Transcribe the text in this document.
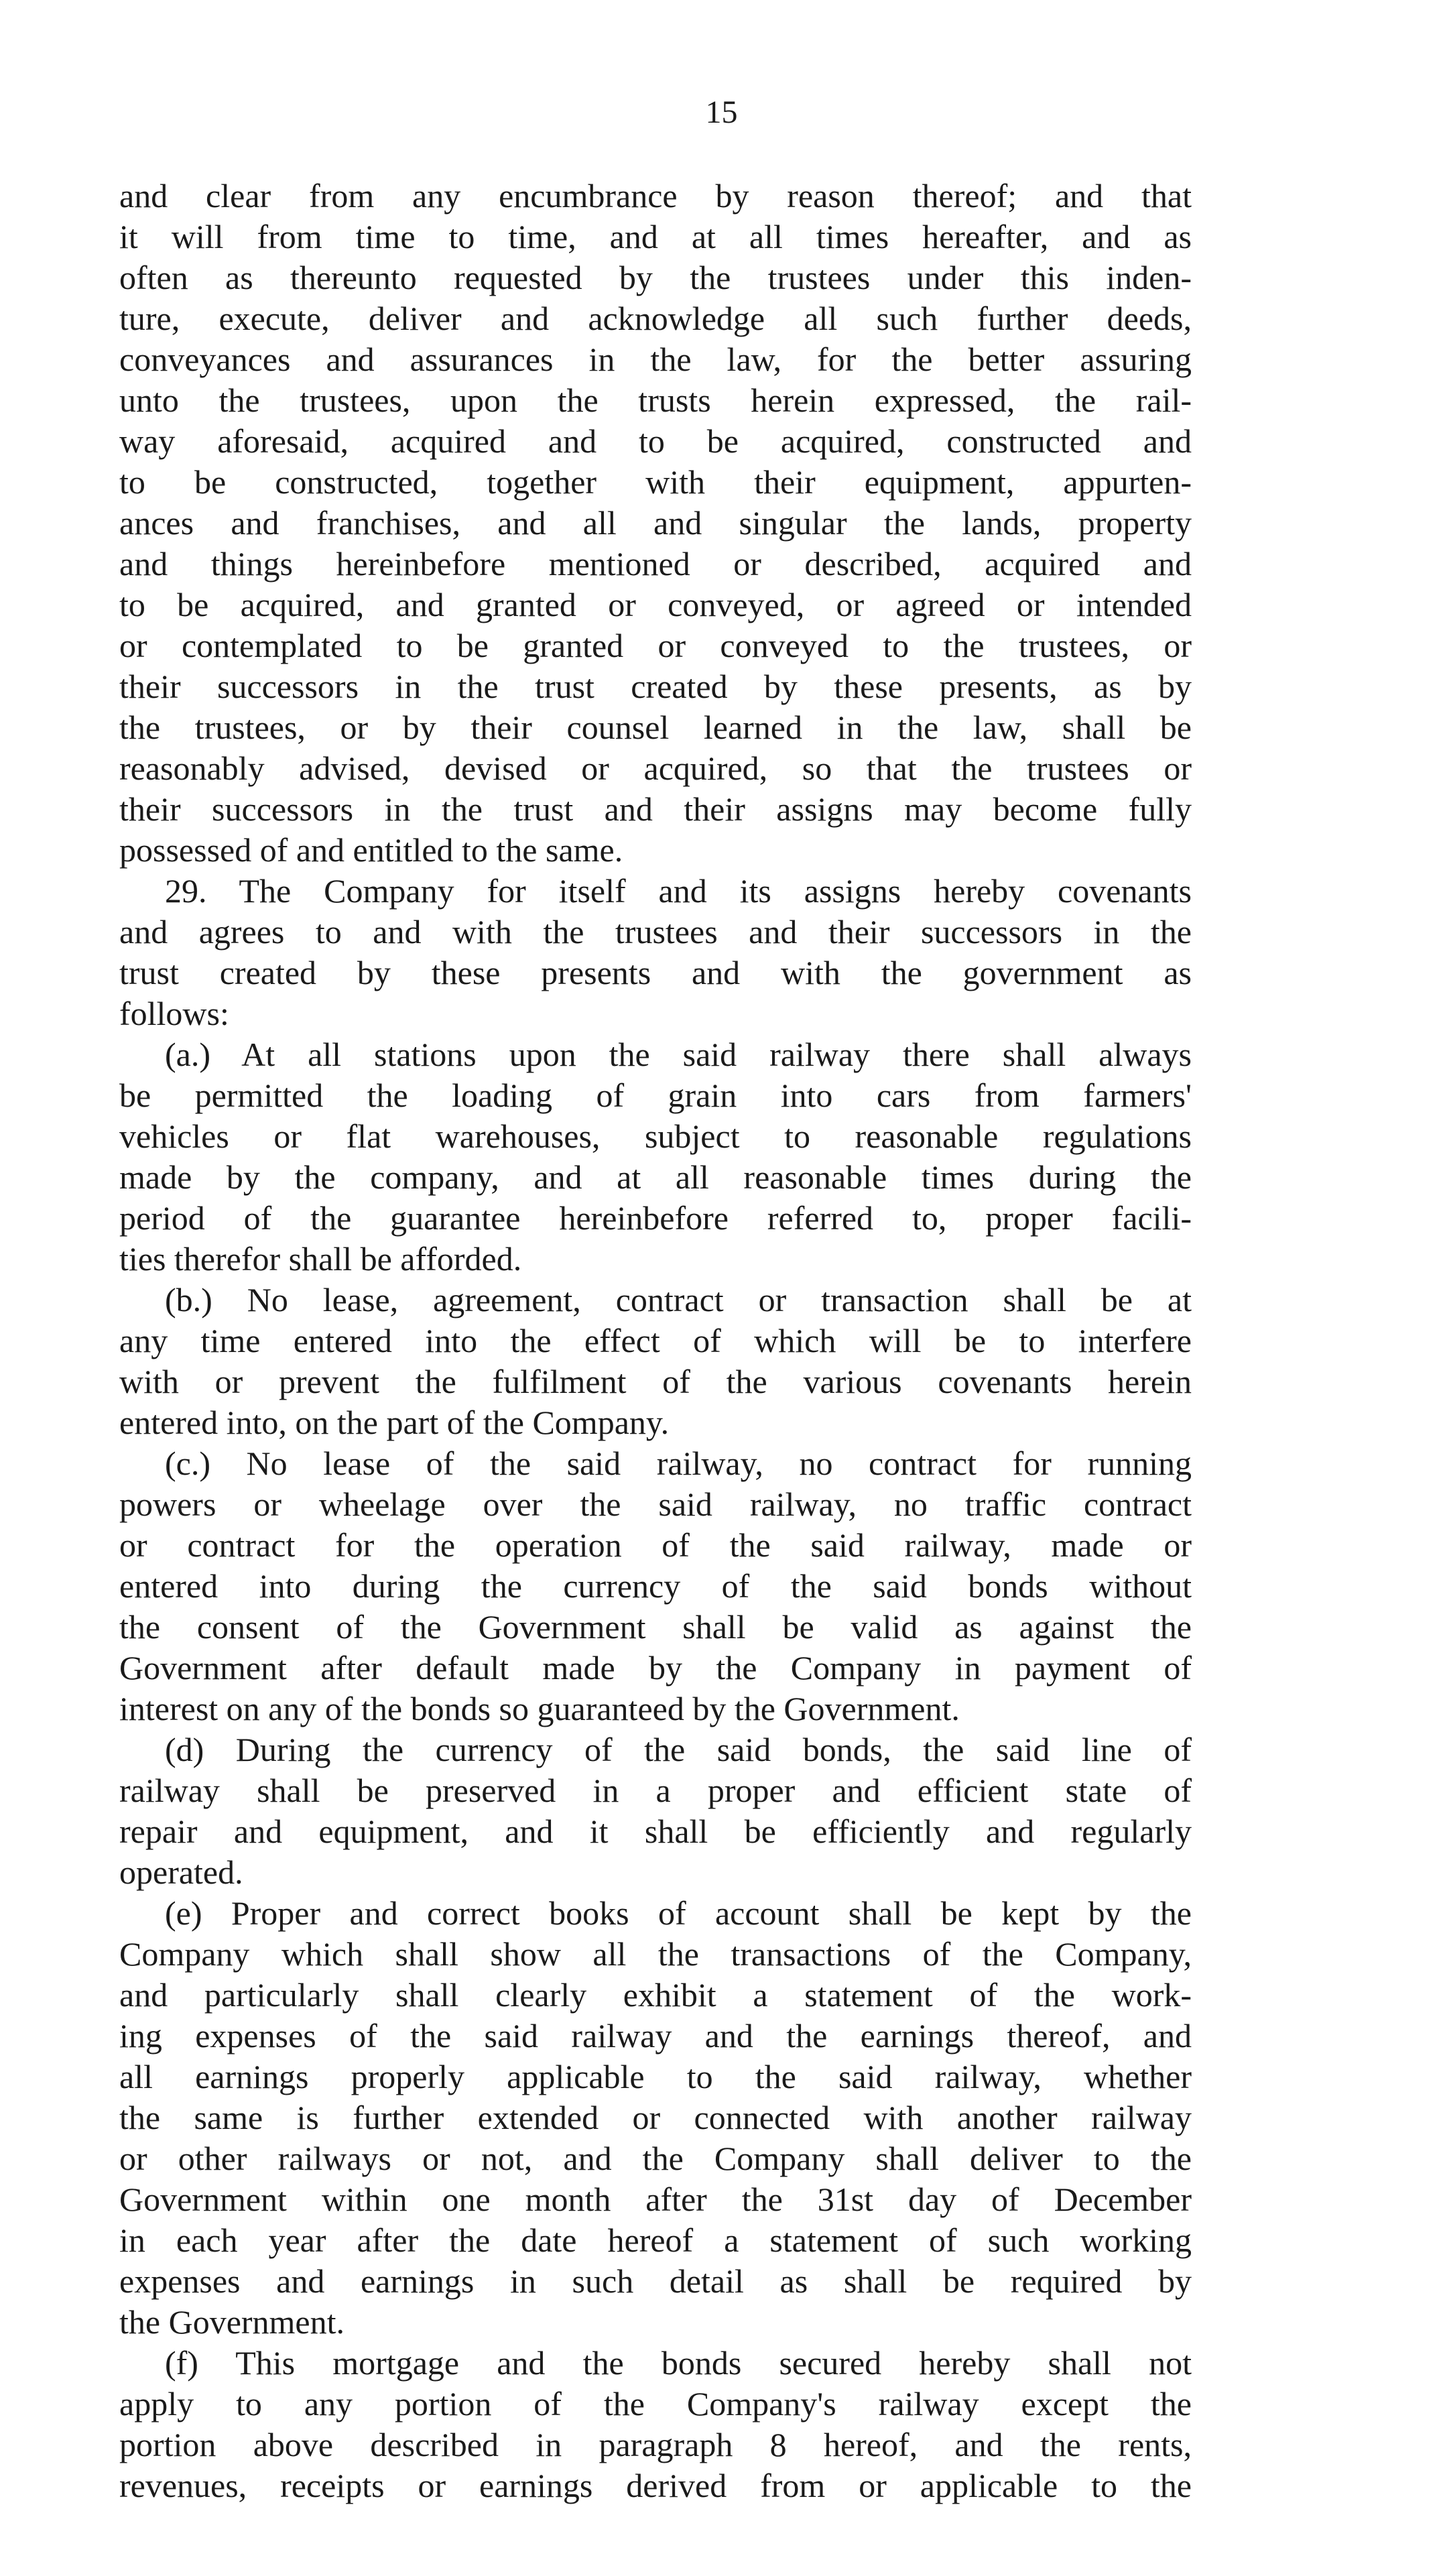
15
and clear from any encumbrance by reason thereof; and that
it will from time to time, and at all times hereafter, and as
often as thereunto requested by the trustees under this inden-
ture, execute, deliver and acknowledge all such further deeds,
conveyances and assurances in the law, for the better assuring
unto the trustees, upon the trusts herein expressed, the rail-
way aforesaid, acquired and to be acquired, constructed and
to be constructed, together with their equipment, appurten-
ances and franchises, and all and singular the lands, property
and things hereinbefore mentioned or described, acquired and
to be acquired, and granted or conveyed, or agreed or intended
or contemplated to be granted or conveyed to the trustees, or
their successors in the trust created by these presents, as by
the trustees, or by their counsel learned in the law, shall be
reasonably advised, devised or acquired, so that the trustees or
their successors in the trust and their assigns may become fully
possessed of and entitled to the same.
29. The Company for itself and its assigns hereby covenants
and agrees to and with the trustees and their successors in the
trust created by these presents and with the government as
follows:
(a.) At all stations upon the said railway there shall always
be permitted the loading of grain into cars from farmers'
vehicles or flat warehouses, subject to reasonable regulations
made by the company, and at all reasonable times during the
period of the guarantee hereinbefore referred to, proper facili-
ties therefor shall be afforded.
(b.) No lease, agreement, contract or transaction shall be at
any time entered into the effect of which will be to interfere
with or prevent the fulfilment of the various covenants herein
entered into, on the part of the Company.
(c.) No lease of the said railway, no contract for running
powers or wheelage over the said railway, no traffic contract
or contract for the operation of the said railway, made or
entered into during the currency of the said bonds without
the consent of the Government shall be valid as against the
Government after default made by the Company in payment of
interest on any of the bonds so guaranteed by the Government.
(d) During the currency of the said bonds, the said line of
railway shall be preserved in a proper and efficient state of
repair and equipment, and it shall be efficiently and regularly
operated.
(e) Proper and correct books of account shall be kept by the
Company which shall show all the transactions of the Company,
and particularly shall clearly exhibit a statement of the work-
ing expenses of the said railway and the earnings thereof, and
all earnings properly applicable to the said railway, whether
the same is further extended or connected with another railway
or other railways or not, and the Company shall deliver to the
Government within one month after the 31st day of December
in each year after the date hereof a statement of such working
expenses and earnings in such detail as shall be required by
the Government.
(f) This mortgage and the bonds secured hereby shall not
apply to any portion of the Company's railway except the
portion above described in paragraph 8 hereof, and the rents,
revenues, receipts or earnings derived from or applicable to the
